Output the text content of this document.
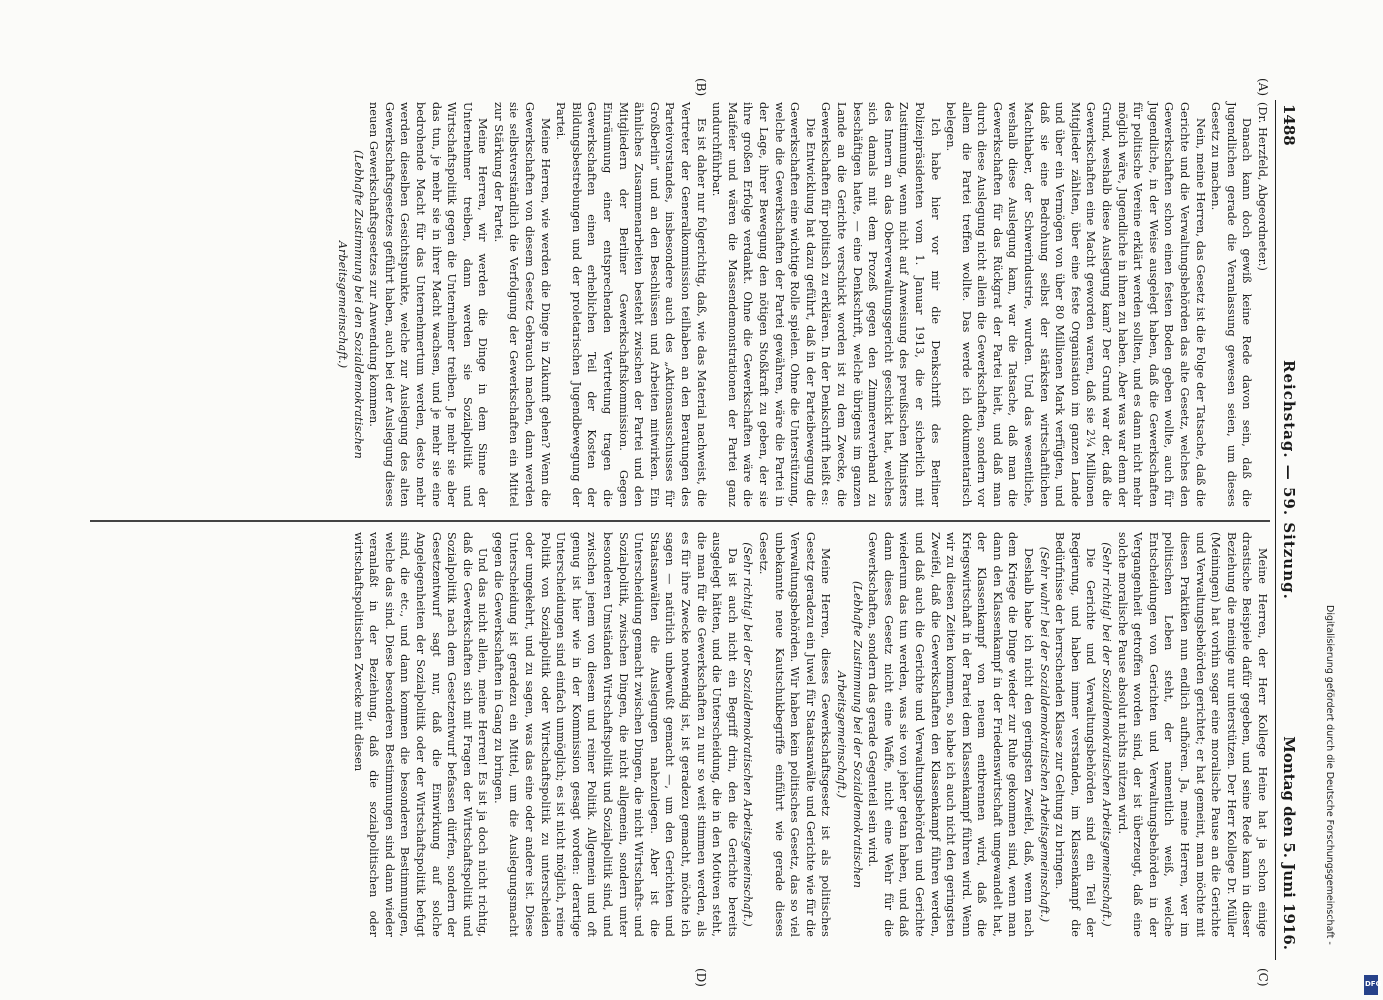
1488
Reichstag. — 59. Sitzung.
Montag den 5. Juni 1916.
(A)
(B)
(C)
(D)

(Dr. Herzfeld, Abgeordneter.)

Danach kann doch gewiß keine Rede davon sein, daß die Jugendlichen gerade die Veranlassung gewesen seien, um dieses Gesetz zu machen.

Nein, meine Herren, das Gesetz ist die Folge der Tatsache, daß die Gerichte und die Verwaltungsbehörden das alte Gesetz, welches den Gewerkschaften schon einen festen Boden geben wollte, auch für Jugendliche, in der Weise ausgelegt haben, daß die Gewerkschaften für politische Vereine erklärt werden sollten, und es dann nicht mehr möglich wäre, Jugendliche in ihnen zu haben. Aber was war denn der Grund, weshalb diese Auslegung kam? Der Grund war der, daß die Gewerkschaften eine Macht geworden waren, daß sie 2¼ Millionen Mitglieder zählten, über eine feste Organisation im ganzen Lande und über ein Vermögen von über 80 Millionen Mark verfügten, und daß sie eine Bedrohung selbst der stärksten wirtschaftlichen Machthaber, der Schwerindustrie, wurden. Und das wesentliche, weshalb diese Auslegung kam, war die Tatsache, daß man die Gewerkschaften für das Rückgrat der Partei hielt, und daß man durch diese Auslegung nicht allein die Gewerkschaften, sondern vor allem die Partei treffen wollte. Das werde ich dokumentarisch belegen.

Ich habe hier vor mir die Denkschrift des Berliner Polizeipräsidenten vom 1. Januar 1913, die er sicherlich mit Zustimmung, wenn nicht auf Anweisung des preußischen Ministers des Innern an das Oberverwaltungsgericht geschickt hat, welches sich damals mit dem Prozeß gegen den Zimmererverband zu beschäftigen hatte, — eine Denkschrift, welche übrigens im ganzen Lande an die Gerichte verschickt worden ist zu dem Zwecke, die Gewerkschaften für politisch zu erklären. In der Denkschrift heißt es:

Die Entwicklung hat dazu geführt, daß in der Parteibewegung die Gewerkschaften eine wichtige Rolle spielen. Ohne die Unterstützung, welche die Gewerkschaften der Partei gewähren, wäre die Partei in der Lage, ihrer Bewegung den nötigen Stoßkraft zu geben, der sie ihre großen Erfolge verdankt. Ohne die Gewerkschaften wäre die Maifeier und wären die Massendemonstrationen der Partei ganz undurchführbar.

Es ist daher nur folgerichtig, daß, wie das Material nachweist, die Vertreter der Generalkommission teilhaben an den Beratungen des Parteivorstandes, insbesondere auch des „Aktionsausschusses für Großberlin“ und an den Beschlüssen und Arbeiten mitwirken. Ein ähnliches Zusammenarbeiten besteht zwischen der Partei und den Mitgliedern der Berliner Gewerkschaftskommission. Gegen Einräumung einer entsprechenden Vertretung tragen die Gewerkschaften einen erheblichen Teil der Kosten der Bildungsbestrebungen und der proletarischen Jugendbewegung der Partei.

Meine Herren, wie werden die Dinge in Zukunft gehen? Wenn die Gewerkschaften von diesem Gesetz Gebrauch machen, dann werden sie selbstverständlich die Verfolgung der Gewerkschaften ein Mittel zur Stärkung der Partei.

Meine Herren, wir werden die Dinge in dem Sinne der Unternehmer treiben, dann werden sie Sozialpolitik und Wirtschaftspolitik gegen die Unternehmer treiben. Je mehr sie aber das tun, je mehr sie in ihrer Macht wachsen, und je mehr sie eine bedrohende Macht für das Unternehmertum werden, desto mehr werden dieselben Gesichtspunkte, welche zur Auslegung des alten Gewerkschaftsgesetzes geführt haben, auch bei der Auslegung dieses neuen Gewerkschaftsgesetzes zur Anwendung kommen.

(Lebhafte Zustimmung bei den Sozialdemokratischen Arbeitsgemeinschaft.)

Meine Herren, der Herr Kollege Heine hat ja schon einige drastische Beispiele dafür gegeben, und seine Rede kann in dieser Beziehung die meinige nur unterstützen. Der Herr Kollege Dr. Müller (Meiningen) hat vorhin sogar eine moralische Pause an die Gerichte und Verwaltungsbehörden gerichtet; er hat gemeint, man möchte mit diesen Praktiken nun endlich aufhören. Ja, meine Herren, wer im politischen Leben steht, der namentlich weiß, welche Entscheidungen von Gerichten und Verwaltungsbehörden in der Vergangenheit getroffen worden sind, der ist überzeugt, daß eine solche moralische Pause absolut nichts nützen wird.

(Sehr richtig! bei der Sozialdemokratischen Arbeitsgemeinschaft.)

Die Gerichte und Verwaltungsbehörden sind ein Teil der Regierung, und haben immer verstanden, im Klassenkampf die Bedürfnisse der herrschenden Klasse zur Geltung zu bringen.

(Sehr wahr! bei der Sozialdemokratischen Arbeitsgemeinschaft.)

Deshalb habe ich nicht den geringsten Zweifel, daß, wenn nach dem Kriege die Dinge wieder zur Ruhe gekommen sind, wenn man dann den Klassenkampf in der Friedenswirtschaft umgewandelt hat, der Klassenkampf von neuem entbrennen wird, daß die Kriegswirtschaft in der Partei dem Klassenkampf führen wird. Wenn wir zu diesen Zeiten kommen, so habe ich auch nicht den geringsten Zweifel, daß die Gewerkschaften den Klassenkampf führen werden, und daß auch die Gerichte und Verwaltungsbehörden und Gerichte wiederum das tun werden, was sie von jeher getan haben, und daß dann dieses Gesetz nicht eine Waffe, nicht eine Wehr für die Gewerkschaften, sondern das gerade Gegenteil sein wird.

(Lebhafte Zustimmung bei der Sozialdemokratischen Arbeitsgemeinschaft.)

Meine Herren, dieses Gewerkschaftsgesetz ist als politisches Gesetz geradezu ein Juwel für Staatsanwälte und Gerichte wie für die Verwaltungsbehörden. Wir haben kein politisches Gesetz, das so viel unbekannte neue Kautschukbegriffe einführt wie gerade dieses Gesetz.

(Sehr richtig! bei der Sozialdemokratischen Arbeitsgemeinschaft.)

Da ist auch nicht ein Begriff drin, den die Gerichte bereits ausgelegt hätten, und die Unterscheidung, die in den Motiven steht, die man für die Gewerkschaften zu nur so weit stimmen werden, als es für ihre Zwecke notwendig ist, ist geradezu gemacht, möchte ich sagen — natürlich unbewußt gemacht —, um den Gerichten und Staatsanwälten die Auslegungen nahezulegen. Aber ist die Unterscheidung gemacht zwischen Dingen, die nicht Wirtschafts- und Sozialpolitik, zwischen Dingen, die nicht allgemein, sondern unter besonderen Umständen Wirtschaftspolitik und Sozialpolitik sind, und zwischen jenem von diesem und reiner Politik. Allgemein und oft genug ist hier wie in der Kommission gesagt worden: derartige Unterscheidungen sind einfach unmöglich; es ist nicht möglich, reine Politik von Sozialpolitik oder Wirtschaftspolitik zu unterscheiden oder umgekehrt, und zu sagen, was das eine oder andere ist. Diese Unterscheidung ist geradezu ein Mittel, um die Auslegungsmacht gegen die Gewerkschaften in Gang zu bringen.

Und das nicht allein, meine Herren! Es ist ja doch nicht richtig, daß die Gewerkschaften sich mit Fragen der Wirtschaftspolitik und Sozialpolitik nach dem Gesetzentwurf befassen dürfen, sondern der Gesetzentwurf sagt nur, daß die Einwirkung auf solche Angelegenheiten der Sozialpolitik oder der Wirtschaftspolitik befugt sind, die etc., und dann kommen die besonderen Bestimmungen, welche das sind. Diese besonderen Bestimmungen sind dann wieder veranlaßt in der Beziehung, daß die sozialpolitischen oder wirtschaftspolitischen Zwecke mit diesen	Digitalisierung gefördert durch die Deutsche Forschungsgemeinschaft -
DFG
